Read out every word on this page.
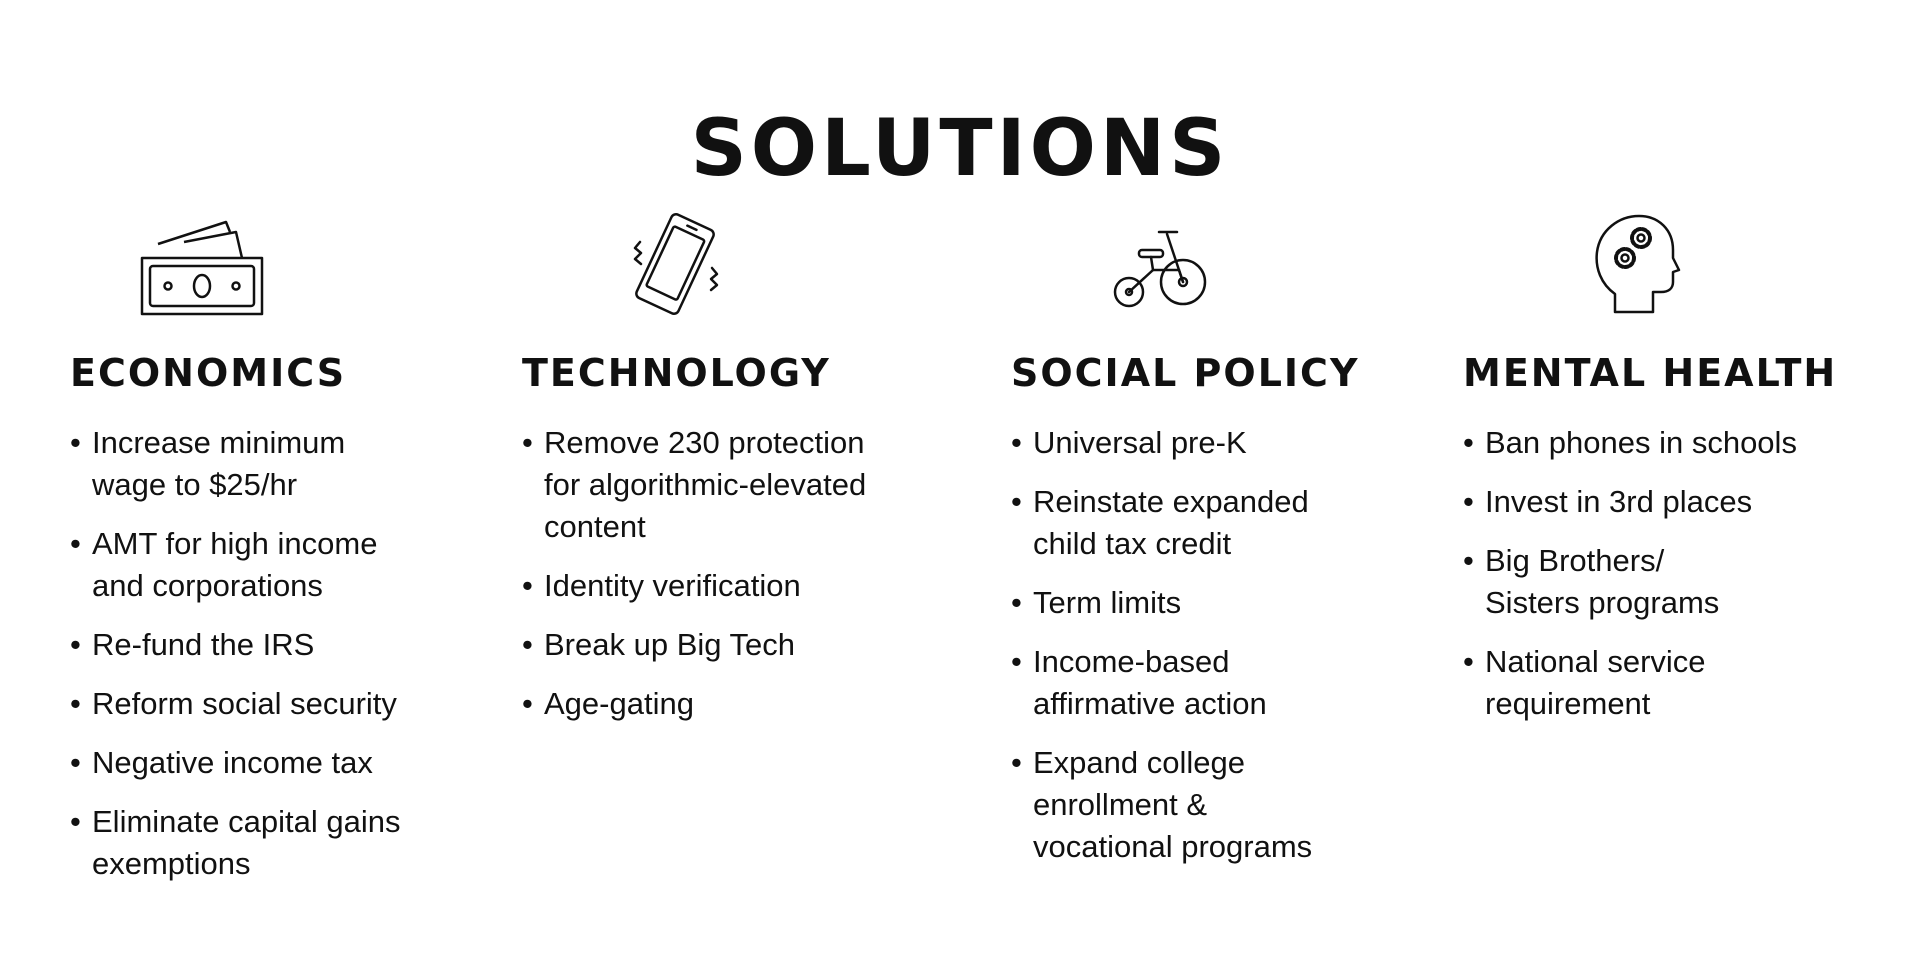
SOLUTIONS
ECONOMICS
• Increase minimum
wage to $25/hr
• AMT for high income
and corporations
• Re-fund the IRS
• Reform social security
• Negative income tax
• Eliminate capital gains
exemptions
TECHNOLOGY
• Remove 230 protection
for algorithmic-elevated
content
• Identity verification
• Break up Big Tech
• Age-gating
SOCIAL POLICY
• Universal pre-K
• Reinstate expanded
child tax credit
• Term limits
• Income-based
affirmative action
• Expand college
enrollment &
vocational programs
MENTAL HEALTH
• Ban phones in schools
• Invest in 3rd places
• Big Brothers/
Sisters programs
• National service
requirement
